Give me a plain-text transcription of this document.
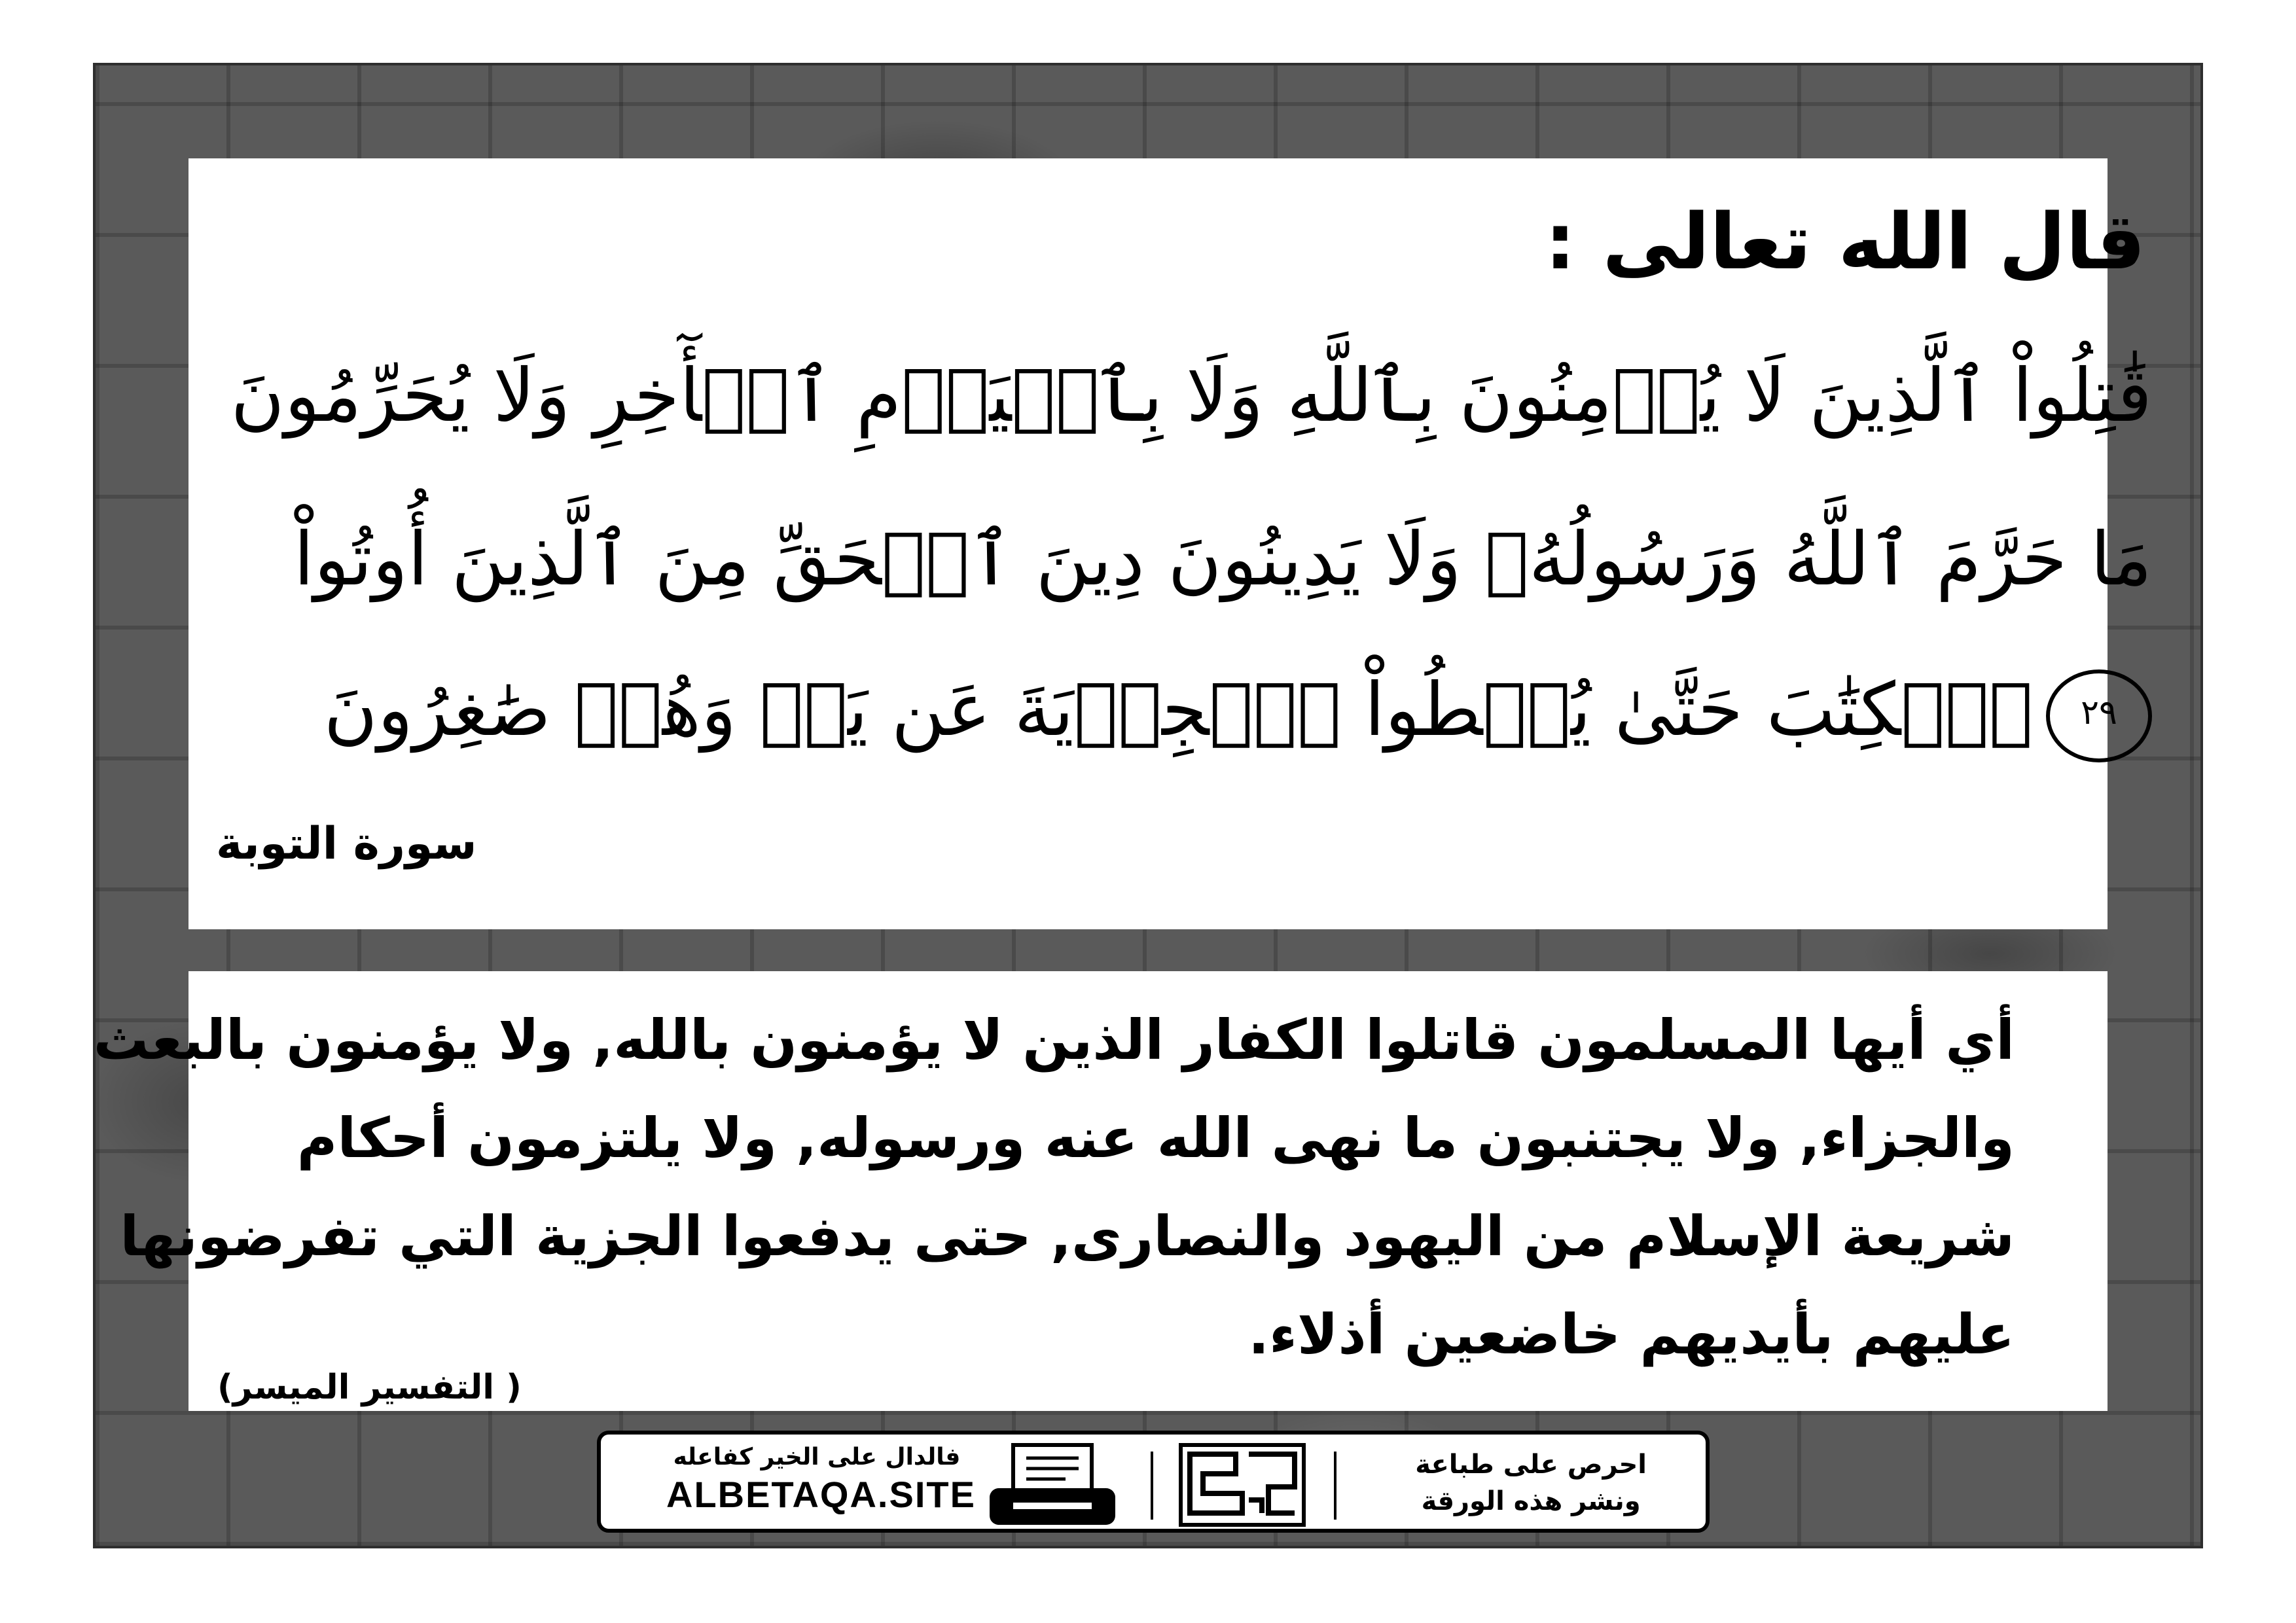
قال الله تعالى :
قَٰتِلُواْ ٱلَّذِينَ لَا يُؤۡمِنُونَ بِٱللَّهِ وَلَا بِٱلۡيَوۡمِ ٱلۡأٓخِرِ وَلَا يُحَرِّمُونَ
مَا حَرَّمَ ٱللَّهُ وَرَسُولُهُۥ وَلَا يَدِينُونَ دِينَ ٱلۡحَقِّ مِنَ ٱلَّذِينَ أُوتُواْ
٢٩ٱلۡكِتَٰبَ حَتَّىٰ يُعۡطُواْ ٱلۡجِزۡيَةَ عَن يَدٖ وَهُمۡ صَٰغِرُونَ
سورة التوبة
أي أيها المسلمون قاتلوا الكفار الذين لا يؤمنون بالله, ولا يؤمنون بالبعث
والجزاء, ولا يجتنبون ما نهى الله عنه ورسوله, ولا يلتزمون أحكام
شريعة الإسلام من اليهود والنصارى, حتى يدفعوا الجزية التي تفرضونها
عليهم بأيديهم خاضعين أذلاء.
( التفسير الميسر)
فالدال على الخير كفاعله
ALBETAQA.SITE
احرص على طباعة
ونشر هذه الورقة
